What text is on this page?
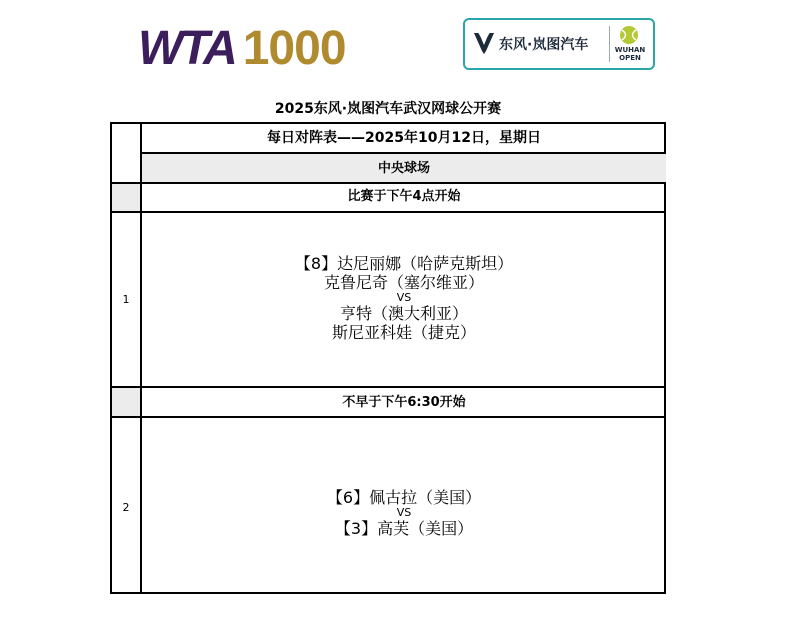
WTA 1000	东风·岚图汽车	WUHAN
OPEN
2025东风·岚图汽车武汉网球公开赛
每日对阵表——2025年10月12日，星期日
中央球场
比赛于下午4点开始
1
【8】达尼丽娜（哈萨克斯坦）
克鲁尼奇（塞尔维亚）
VS
亨特（澳大利亚）
斯尼亚科娃（捷克）
不早于下午6:30开始
2
【6】佩古拉（美国）
VS
【3】高芙（美国）
